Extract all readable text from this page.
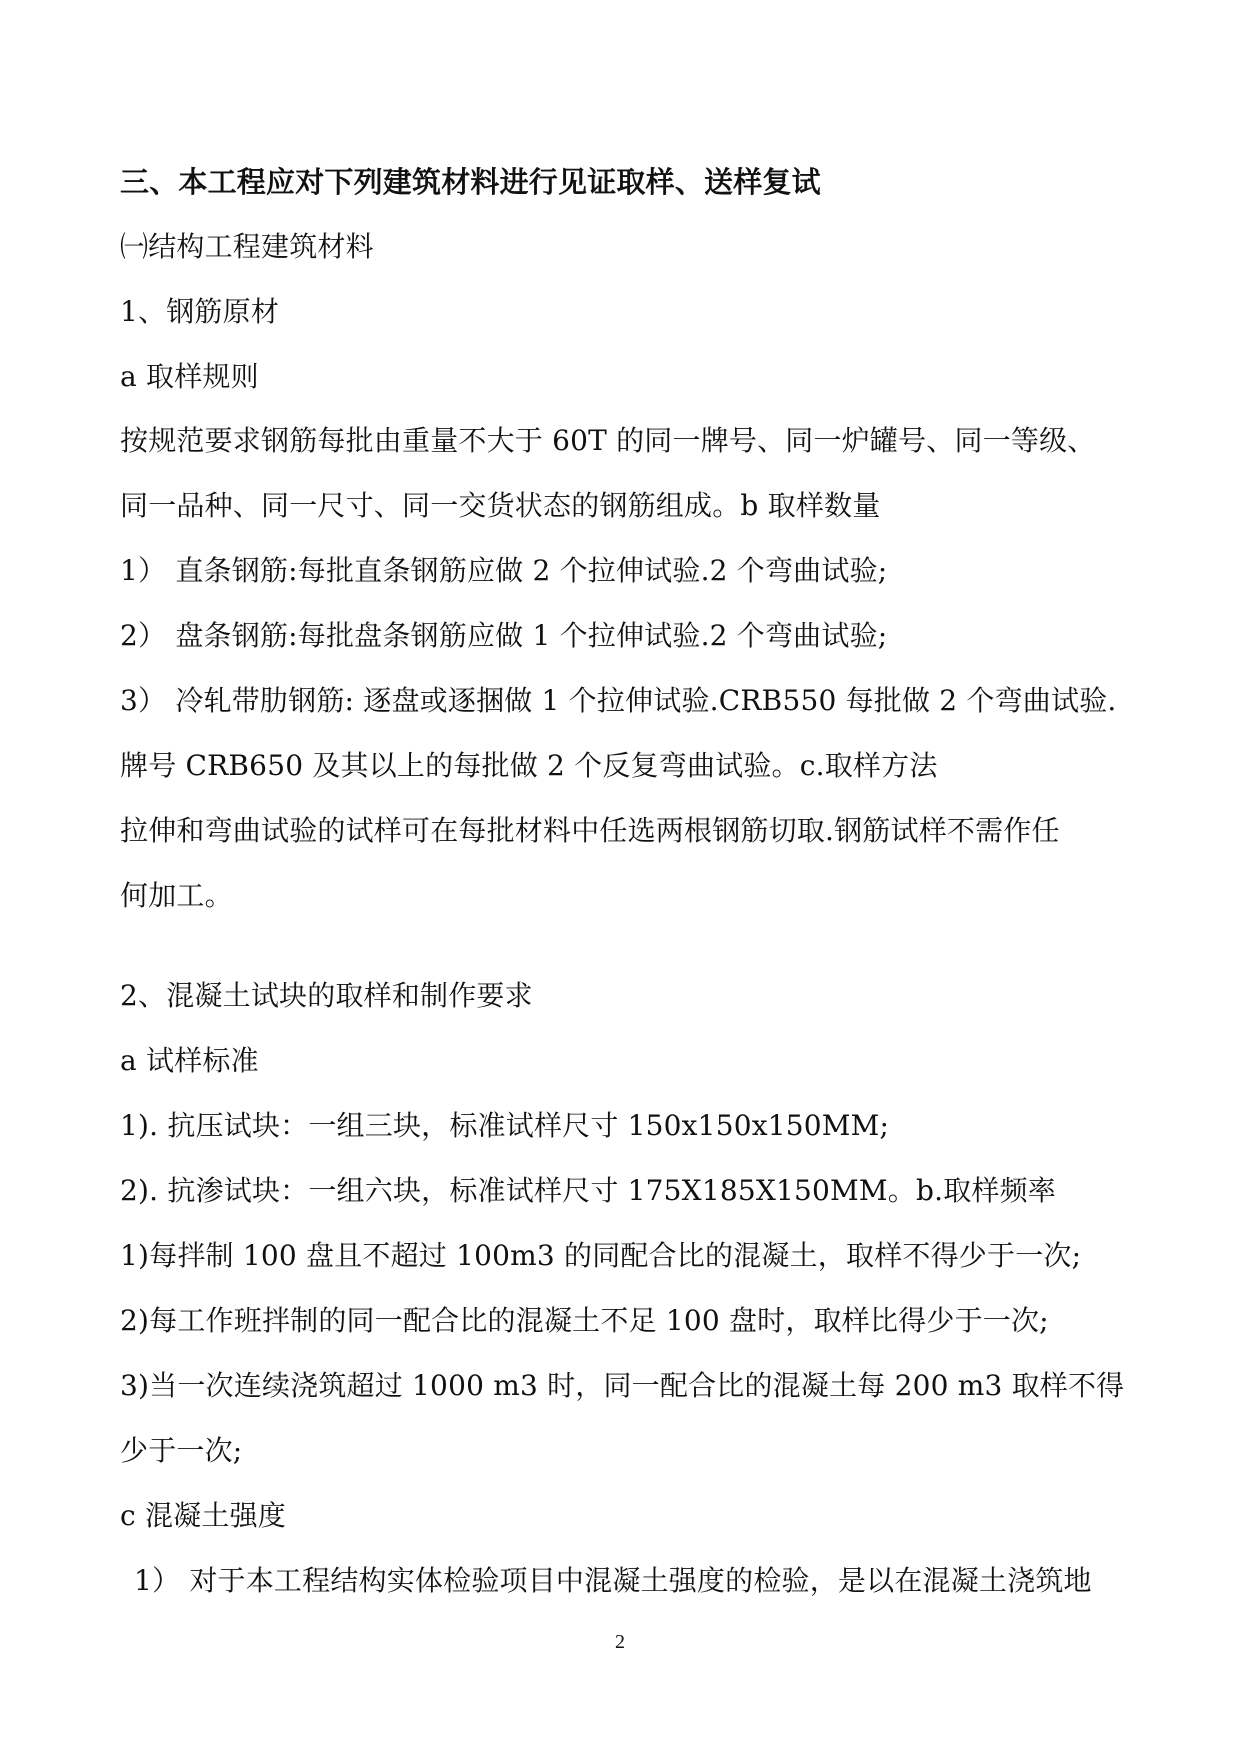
三、本工程应对下列建筑材料进行见证取样、送样复试
㈠结构工程建筑材料
1、钢筋原材
a 取样规则
按规范要求钢筋每批由重量不大于 60T 的同一牌号、同一炉罐号、同一等级、
同一品种、同一尺寸、同一交货状态的钢筋组成。b 取样数量
1） 直条钢筋:每批直条钢筋应做 2 个拉伸试验.2 个弯曲试验;
2） 盘条钢筋:每批盘条钢筋应做 1 个拉伸试验.2 个弯曲试验;
3） 冷轧带肋钢筋: 逐盘或逐捆做 1 个拉伸试验.CRB550 每批做 2 个弯曲试验.
牌号 CRB650 及其以上的每批做 2 个反复弯曲试验。c.取样方法
拉伸和弯曲试验的试样可在每批材料中任选两根钢筋切取.钢筋试样不需作任
何加工。
2、混凝土试块的取样和制作要求
a 试样标准
1). 抗压试块：一组三块，标准试样尺寸 150x150x150MM;
2). 抗渗试块：一组六块，标准试样尺寸 175X185X150MM。b.取样频率
1)每拌制 100 盘且不超过 100m3 的同配合比的混凝土，取样不得少于一次;
2)每工作班拌制的同一配合比的混凝土不足 100 盘时，取样比得少于一次;
3)当一次连续浇筑超过 1000 m3 时，同一配合比的混凝土每 200 m3 取样不得
少于一次;
c 混凝土强度
1） 对于本工程结构实体检验项目中混凝土强度的检验，是以在混凝土浇筑地
2
